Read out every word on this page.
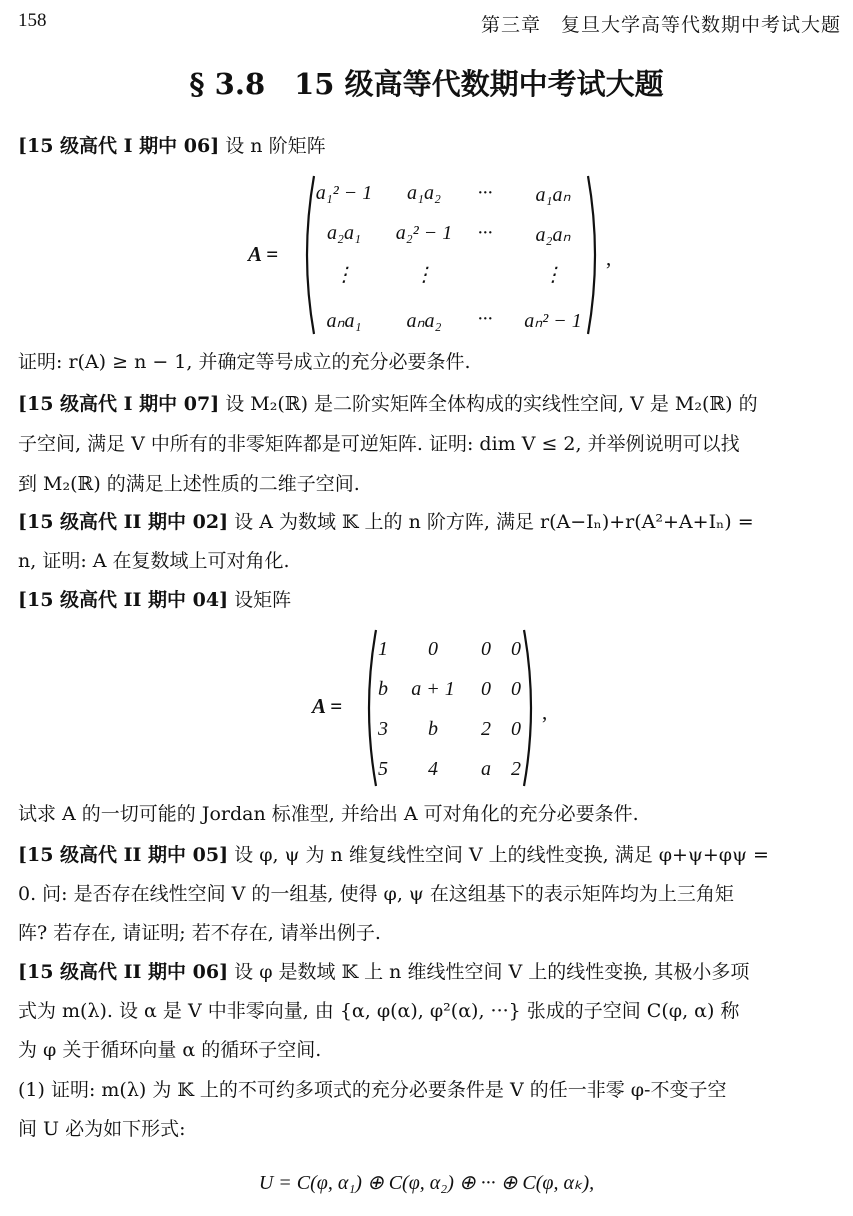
158	第三章　复旦大学高等代数期中考试大题
§ 3.8　15 级高等代数期中考试大题
[15 级高代 I 期中 06] 设 n 阶矩阵
A =	,
a₁² − 1 a₁a₂ ··· a₁aₙ
a₂a₁ a₂² − 1 ··· a₂aₙ
⋮	⋮	⋮
aₙa₁ aₙa₂ ··· aₙ² − 1
证明: r(A) ≥ n − 1, 并确定等号成立的充分必要条件.
[15 级高代 I 期中 07] 设 M₂(ℝ) 是二阶实矩阵全体构成的实线性空间, V 是 M₂(ℝ) 的
子空间, 满足 V 中所有的非零矩阵都是可逆矩阵. 证明: dim V ≤ 2, 并举例说明可以找
到 M₂(ℝ) 的满足上述性质的二维子空间.
[15 级高代 II 期中 02] 设 A 为数域 𝕂 上的 n 阶方阵, 满足 r(A−Iₙ)+r(A²+A+Iₙ) =
n, 证明: A 在复数域上可对角化.
[15 级高代 II 期中 04] 设矩阵
A =	,
1 0 0 0
b a + 1 0 0
3 b 2 0
5 4 a 2
试求 A 的一切可能的 Jordan 标准型, 并给出 A 可对角化的充分必要条件.
[15 级高代 II 期中 05] 设 φ, ψ 为 n 维复线性空间 V 上的线性变换, 满足 φ+ψ+φψ =
0. 问: 是否存在线性空间 V 的一组基, 使得 φ, ψ 在这组基下的表示矩阵均为上三角矩
阵? 若存在, 请证明; 若不存在, 请举出例子.
[15 级高代 II 期中 06] 设 φ 是数域 𝕂 上 n 维线性空间 V 上的线性变换, 其极小多项
式为 m(λ). 设 α 是 V 中非零向量, 由 {α, φ(α), φ²(α), ···} 张成的子空间 C(φ, α) 称
为 φ 关于循环向量 α 的循环子空间.
(1) 证明: m(λ) 为 𝕂 上的不可约多项式的充分必要条件是 V 的任一非零 φ-不变子空
间 U 必为如下形式:
U = C(φ, α₁) ⊕ C(φ, α₂) ⊕ ··· ⊕ C(φ, αₖ),
